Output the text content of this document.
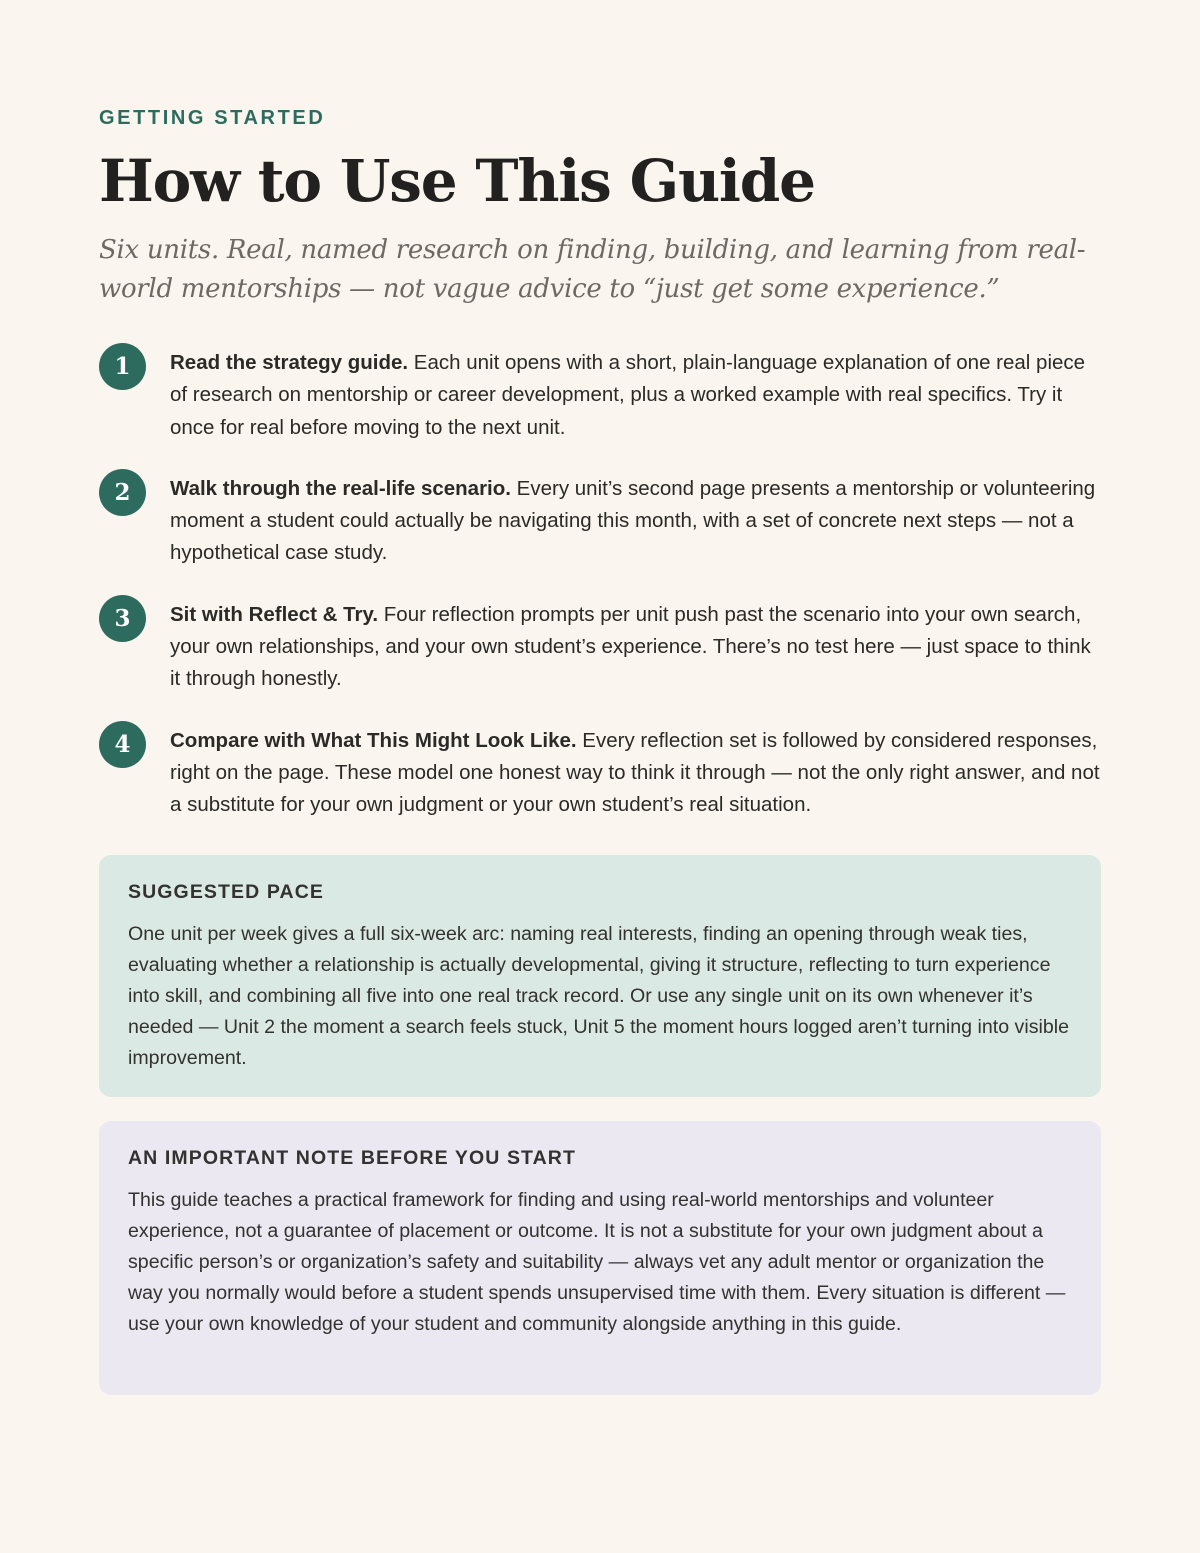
GETTING STARTED
How to Use This Guide

Six units. Real, named research on finding, building, and learning from real-world mentorships — not vague advice to “just get some experience.”

1	Read the strategy guide. Each unit opens with a short, plain-language explanation of one real piece of research on mentorship or career development, plus a worked example with real specifics. Try it once for real before moving to the next unit.

2	Walk through the real-life scenario. Every unit’s second page presents a mentorship or volunteering moment a student could actually be navigating this month, with a set of concrete next steps — not a hypothetical case study.

3	Sit with Reflect & Try. Four reflection prompts per unit push past the scenario into your own search, your own relationships, and your own student’s experience. There’s no test here — just space to think it through honestly.

4	Compare with What This Might Look Like. Every reflection set is followed by considered responses, right on the page. These model one honest way to think it through — not the only right answer, and not a substitute for your own judgment or your own student’s real situation.

SUGGESTED PACE

One unit per week gives a full six-week arc: naming real interests, finding an opening through weak ties, evaluating whether a relationship is actually developmental, giving it structure, reflecting to turn experience into skill, and combining all five into one real track record. Or use any single unit on its own whenever it’s needed — Unit 2 the moment a search feels stuck, Unit 5 the moment hours logged aren’t turning into visible improvement.

AN IMPORTANT NOTE BEFORE YOU START

This guide teaches a practical framework for finding and using real-world mentorships and volunteer experience, not a guarantee of placement or outcome. It is not a substitute for your own judgment about a specific person’s or organization’s safety and suitability — always vet any adult mentor or organization the way you normally would before a student spends unsupervised time with them. Every situation is different — use your own knowledge of your student and community alongside anything in this guide.
